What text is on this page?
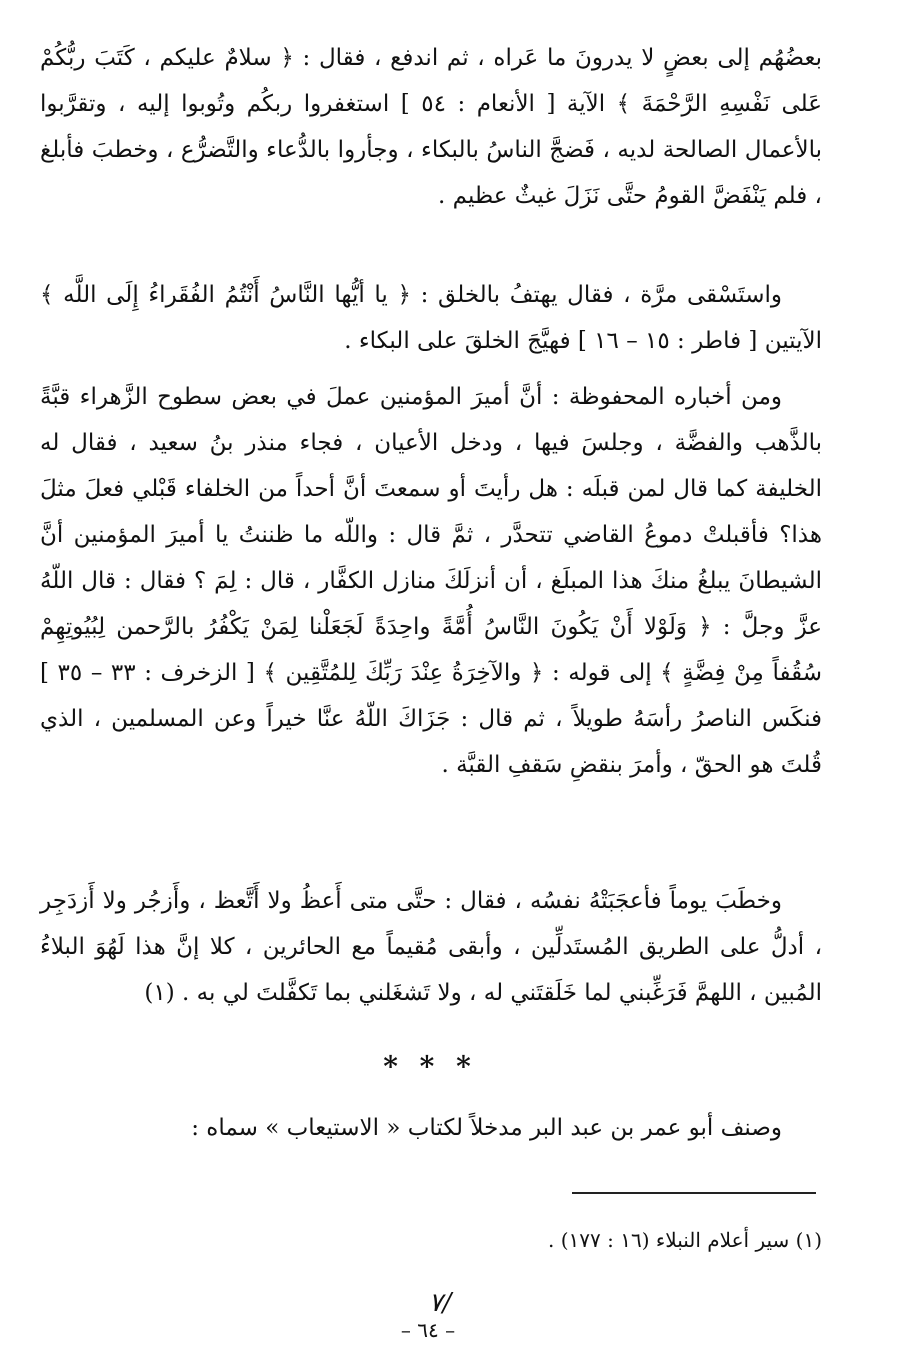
بعضُهُم إلى بعضٍ لا يدرونَ ما عَراه ، ثم اندفع ، فقال : ﴿ سلامٌ عليكم ، كَتَبَ ربُّكُمْ عَلى نَفْسِهِ الرَّحْمَةَ ﴾ الآية [ الأنعام : ٥٤ ] استغفروا ربكُم وتُوبوا إليه ، وتقرَّبوا بالأعمال الصالحة لديه ، فَضجَّ الناسُ بالبكاء ، وجأروا بالدُّعاء والتَّضرُّع ، وخطبَ فأبلغ ، فلم يَنْفَضَّ القومُ حتَّى نَزَلَ غيثٌ عظيم .

واستَسْقى مرَّة ، فقال يهتفُ بالخلق : ﴿ يا أيُّها النَّاسُ أَنْتُمُ الفُقَراءُ إِلَى اللَّه ﴾ الآيتين [ فاطر : ١٥ – ١٦ ] فهيَّجَ الخلقَ على البكاء .

ومن أخباره المحفوظة : أنَّ أميرَ المؤمنين عملَ في بعض سطوح الزَّهراء قبَّةً بالذَّهب والفضَّة ، وجلسَ فيها ، ودخل الأعيان ، فجاء منذر بنُ سعيد ، فقال له الخليفة كما قال لمن قبلَه : هل رأيتَ أو سمعتَ أنَّ أحداً من الخلفاء قَبْلي فعلَ مثلَ هذا؟ فأقبلتْ دموعُ القاضي تتحدَّر ، ثمَّ قال : واللّه ما ظننتُ يا أميرَ المؤمنين أنَّ الشيطانَ يبلغُ منكَ هذا المبلَغ ، أن أنزلَكَ منازل الكفَّار ، قال : لِمَ ؟ فقال : قال اللّهُ عزَّ وجلَّ : ﴿ وَلَوْلا أَنْ يَكُونَ النَّاسُ أُمَّةً واحِدَةً لَجَعَلْنا لِمَنْ يَكْفُرُ بالرَّحمن لِبُيُوتِهِمْ سُقُفاً مِنْ فِضَّةٍ ﴾ إلى قوله : ﴿ والآخِرَةُ عِنْدَ رَبِّكَ لِلمُتَّقِين ﴾ [ الزخرف : ٣٣ – ٣٥ ] فنكَس الناصرُ رأسَهُ طويلاً ، ثم قال : جَزَاكَ اللّهُ عنَّا خيراً وعن المسلمين ، الذي قُلتَ هو الحقّ ، وأمرَ بنقضِ سَقفِ القبَّة .

وخطَبَ يوماً فأعجَبَتْهُ نفسُه ، فقال : حتَّى متى أَعظُ ولا أَتَّعظ ، وأَزجُر ولا أَزدَجِر ، أدلُّ على الطريق المُستَدلِّين ، وأبقى مُقيماً مع الحائرين ، كلا إنَّ هذا لَهُوَ البلاءُ المُبين ، اللهمَّ فَرَغِّبني لما خَلَقتَني له ، ولا تَشغَلني بما تَكفَّلتَ لي به . (١)

* * *

وصنف أبو عمر بن عبد البر مدخلاً لكتاب « الاستيعاب » سماه :

(١) سير أعلام النبلاء (١٦ : ١٧٧) .
٧/
– ٦٤ –
